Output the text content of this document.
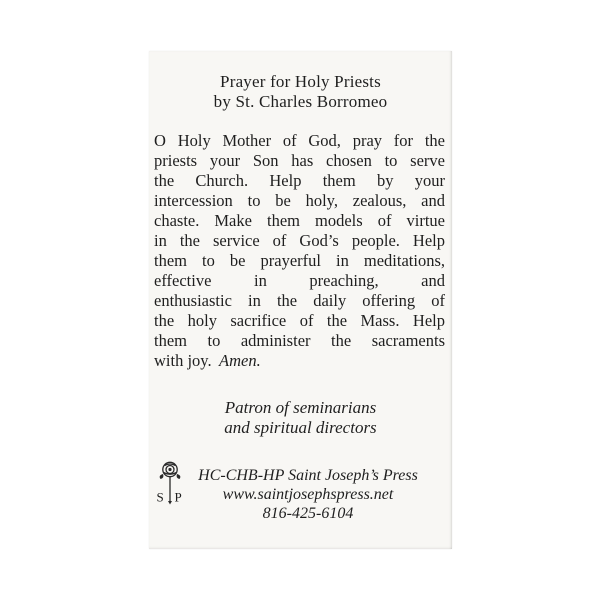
Prayer for Holy Priests
by St. Charles Borromeo
O Holy Mother of God, pray for the
priests your Son has chosen to serve
the Church. Help them by your
intercession to be holy, zealous, and
chaste. Make them models of virtue
in the service of God’s people. Help
them to be prayerful in meditations,
effective in preaching, and
enthusiastic in the daily offering of
the holy sacrifice of the Mass. Help
them to administer the sacraments
with joy. Amen.
Patron of seminarians
and spiritual directors
S P
HC-CHB-HP Saint Joseph’s Press
www.saintjosephspress.net
816-425-6104
